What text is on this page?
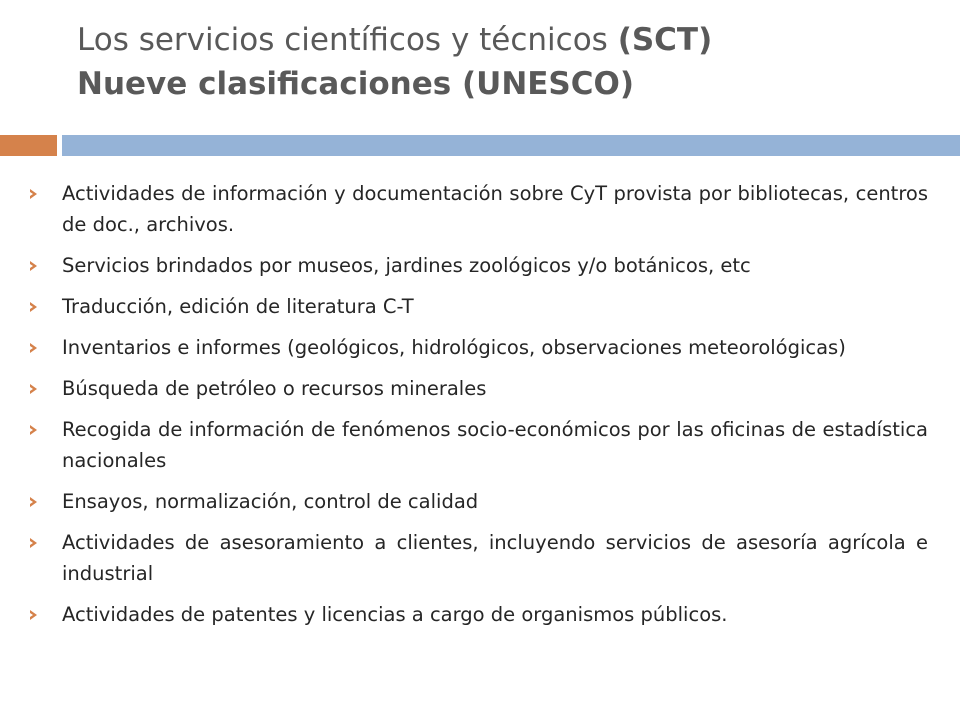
Los servicios científicos y técnicos (SCT)
Nueve clasificaciones (UNESCO)
Actividades de información y documentación sobre CyT provista por bibliotecas, centros de doc., archivos.
Servicios brindados por museos, jardines zoológicos y/o botánicos, etc
Traducción, edición de literatura C-T
Inventarios e informes (geológicos, hidrológicos, observaciones meteorológicas)
Búsqueda de petróleo o recursos minerales
Recogida de información de fenómenos socio-económicos por las oficinas de estadística nacionales
Ensayos, normalización, control de calidad
Actividades de asesoramiento a clientes, incluyendo servicios de asesoría agrícola e industrial
Actividades de patentes y licencias a cargo de organismos públicos.
